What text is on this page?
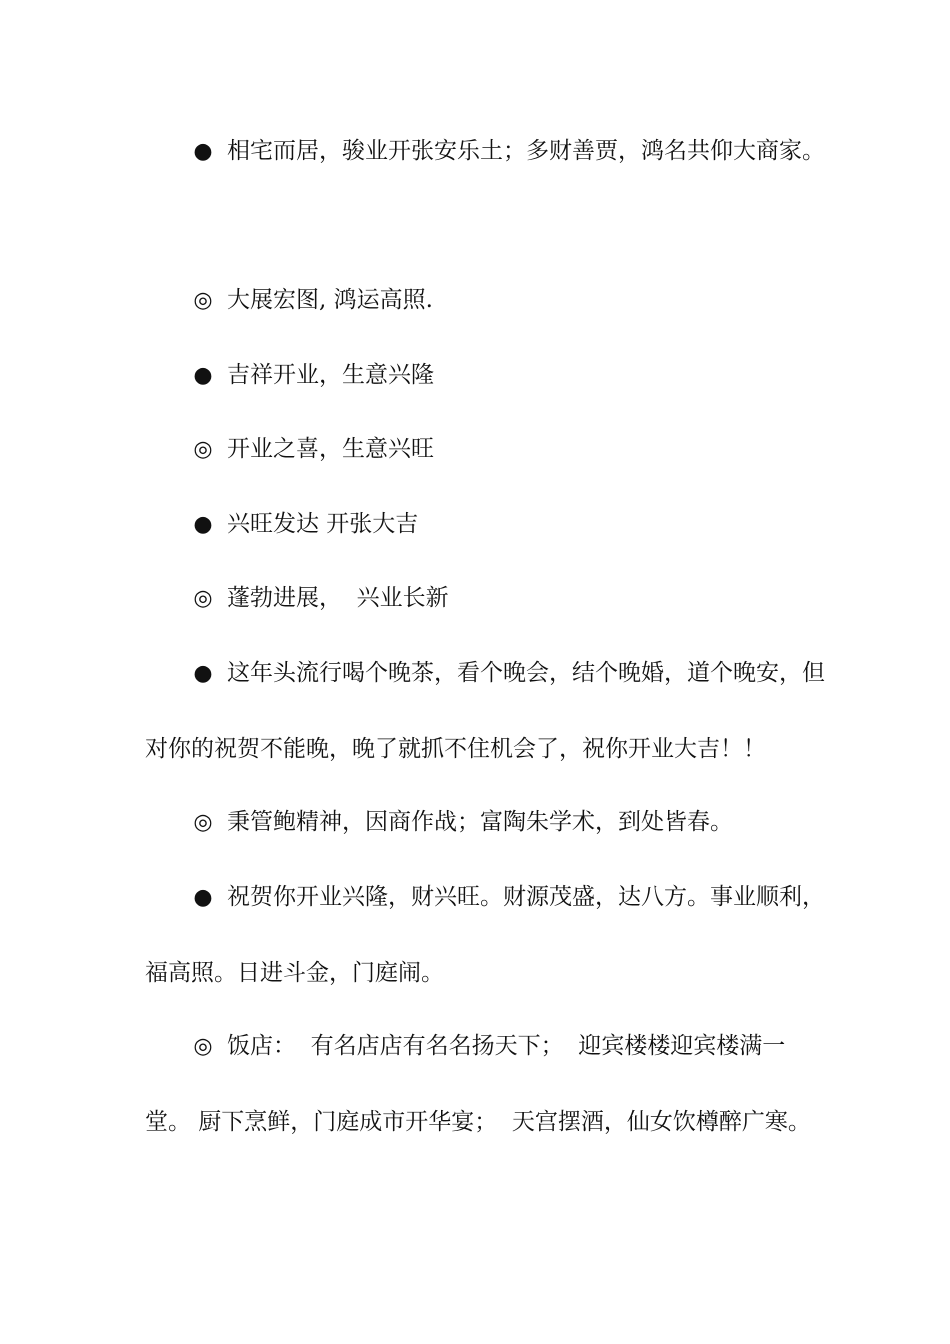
● 相宅而居，骏业开张安乐土；多财善贾，鸿名共仰大商家。
◎ 大展宏图, 鸿运高照.
● 吉祥开业，生意兴隆
◎ 开业之喜，生意兴旺
● 兴旺发达 开张大吉
◎ 蓬勃进展，  兴业长新
● 这年头流行喝个晚茶，看个晚会，结个晚婚，道个晚安，但对你的祝贺不能晚，晚了就抓不住机会了，祝你开业大吉！！
◎ 秉管鲍精神，因商作战；富陶朱学术，到处皆春。
● 祝贺你开业兴隆，财兴旺。财源茂盛，达八方。事业顺利，福高照。日进斗金，门庭闹。
◎ 饭店：  有名店店有名名扬天下；  迎宾楼楼迎宾楼满一堂。 厨下烹鲜，门庭成市开华宴；  天宫摆酒，仙女饮樽醉广寒。
